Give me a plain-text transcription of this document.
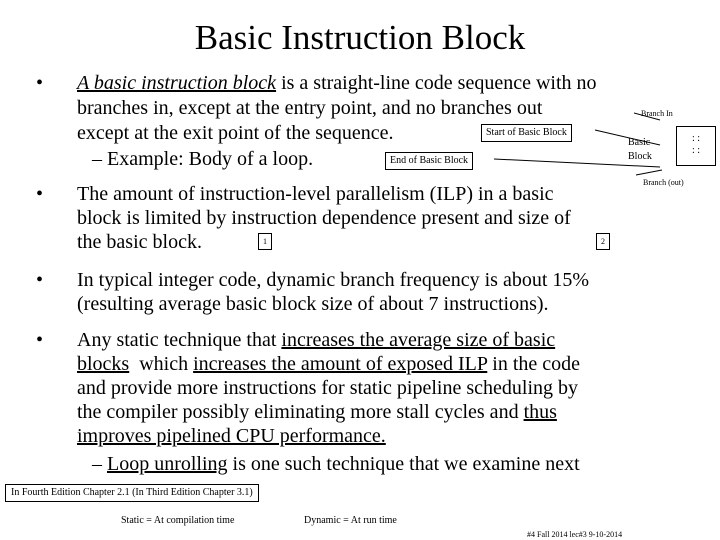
Basic Instruction Block
• A basic instruction block is a straight-line code sequence with no
branches in, except at the entry point, and no branches out
except at the exit point of the sequence.
– Example: Body of a loop.
Start of Basic Block
End of Basic Block
Branch In
Basic
Block
: :
: :
Branch (out)
• The amount of instruction-level parallelism (ILP) in a basic
block is limited by instruction dependence present and size of
the basic block.	1	2
• In typical integer code, dynamic branch frequency is about 15%
(resulting average basic block size of about 7 instructions).
• Any static technique that increases the average size of basic
blocks  which increases the amount of exposed ILP in the code
and provide more instructions for static pipeline scheduling by
the compiler possibly eliminating more stall cycles and thus
improves pipelined CPU performance.
– Loop unrolling is one such technique that we examine next
In Fourth Edition Chapter 2.1 (In Third Edition Chapter 3.1)
Static = At compilation time	Dynamic = At run time
#4 Fall 2014 lec#3 9-10-2014
